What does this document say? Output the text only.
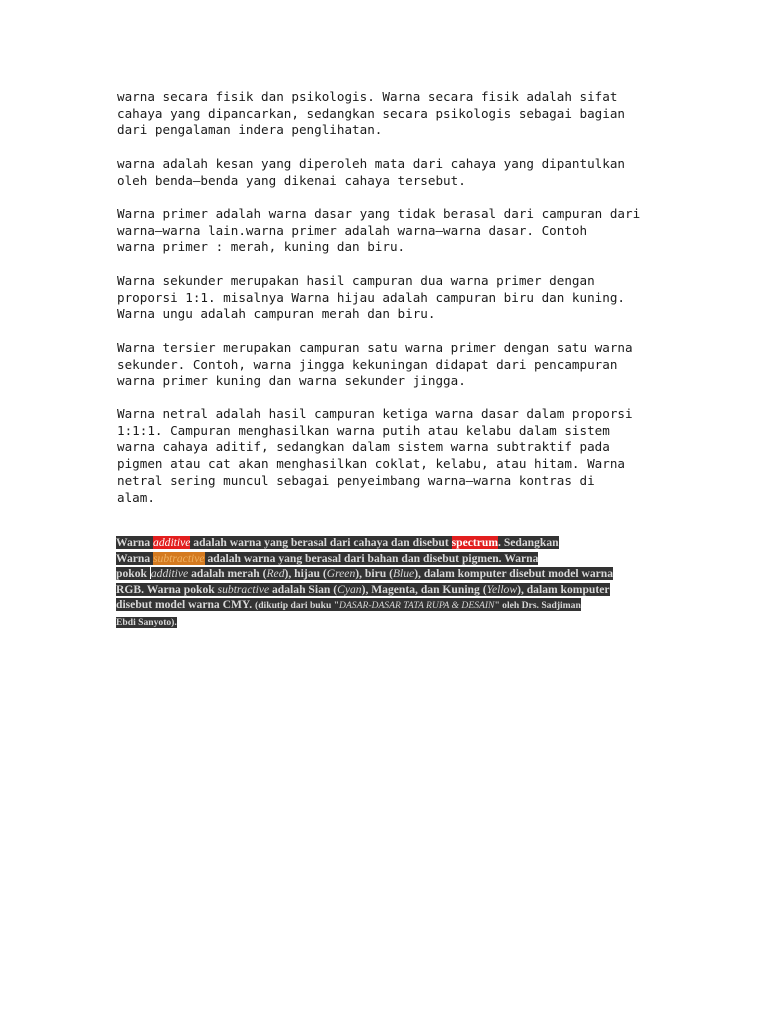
warna secara fisik dan psikologis. Warna secara fisik adalah sifat
cahaya yang dipancarkan, sedangkan secara psikologis sebagai bagian
dari pengalaman indera penglihatan.

warna adalah kesan yang diperoleh mata dari cahaya yang dipantulkan
oleh benda–benda yang dikenai cahaya tersebut.

Warna primer adalah warna dasar yang tidak berasal dari campuran dari
warna–warna lain.warna primer adalah warna–warna dasar. Contoh
warna primer : merah, kuning dan biru.

Warna sekunder merupakan hasil campuran dua warna primer dengan
proporsi 1:1. misalnya Warna hijau adalah campuran biru dan kuning.
Warna ungu adalah campuran merah dan biru.

Warna tersier merupakan campuran satu warna primer dengan satu warna
sekunder. Contoh, warna jingga kekuningan didapat dari pencampuran
warna primer kuning dan warna sekunder jingga.

Warna netral adalah hasil campuran ketiga warna dasar dalam proporsi
1:1:1. Campuran menghasilkan warna putih atau kelabu dalam sistem
warna cahaya aditif, sedangkan dalam sistem warna subtraktif pada
pigmen atau cat akan menghasilkan coklat, kelabu, atau hitam. Warna
netral sering muncul sebagai penyeimbang warna–warna kontras di
alam.

Warna additive adalah warna yang berasal dari cahaya dan disebut spectrum. Sedangkan
Warna subtractive adalah warna yang berasal dari bahan dan disebut pigmen. Warna
pokok additive adalah merah (Red), hijau (Green), biru (Blue), dalam komputer disebut model warna
RGB. Warna pokok subtractive adalah Sian (Cyan), Magenta, dan Kuning (Yellow), dalam komputer
disebut model warna CMY. (dikutip dari buku "DASAR-DASAR TATA RUPA & DESAIN" oleh Drs. Sadjiman
Ebdi Sanyoto).
